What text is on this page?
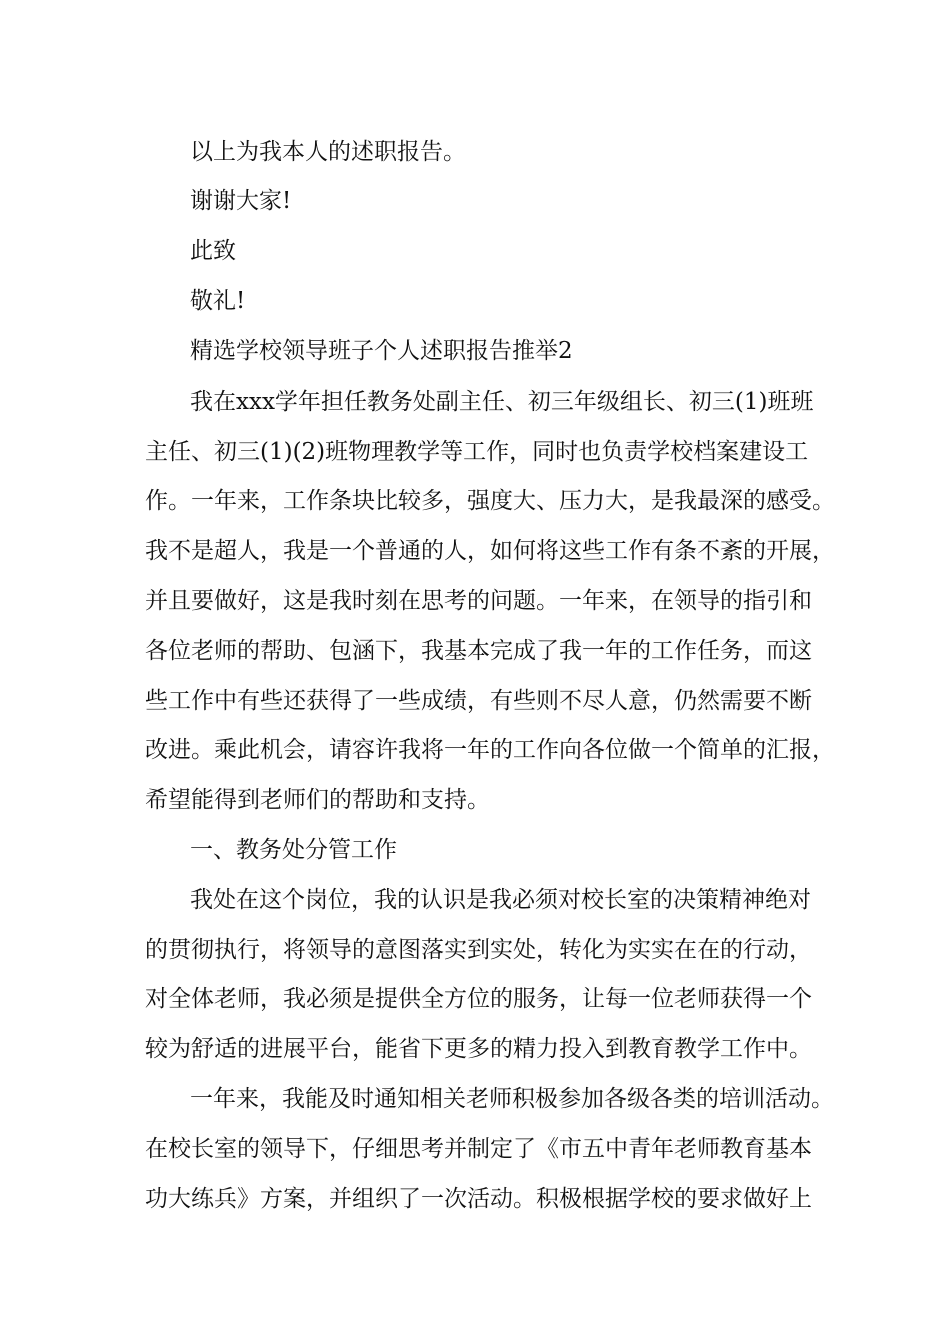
以上为我本人的述职报告。
谢谢大家!
此致
敬礼!
精选学校领导班子个人述职报告推举2
我在xxx学年担任教务处副主任、初三年级组长、初三(1)班班
主任、初三(1)(2)班物理教学等工作，同时也负责学校档案建设工
作。一年来，工作条块比较多，强度大、压力大，是我最深的感受。
我不是超人，我是一个普通的人，如何将这些工作有条不紊的开展，
并且要做好，这是我时刻在思考的问题。一年来，在领导的指引和
各位老师的帮助、包涵下，我基本完成了我一年的工作任务，而这
些工作中有些还获得了一些成绩，有些则不尽人意，仍然需要不断
改进。乘此机会，请容许我将一年的工作向各位做一个简单的汇报，
希望能得到老师们的帮助和支持。
一、教务处分管工作
我处在这个岗位，我的认识是我必须对校长室的决策精神绝对
的贯彻执行，将领导的意图落实到实处，转化为实实在在的行动，
对全体老师，我必须是提供全方位的服务，让每一位老师获得一个
较为舒适的进展平台，能省下更多的精力投入到教育教学工作中。
一年来，我能及时通知相关老师积极参加各级各类的培训活动。
在校长室的领导下，仔细思考并制定了《市五中青年老师教育基本
功大练兵》方案，并组织了一次活动。积极根据学校的要求做好上
